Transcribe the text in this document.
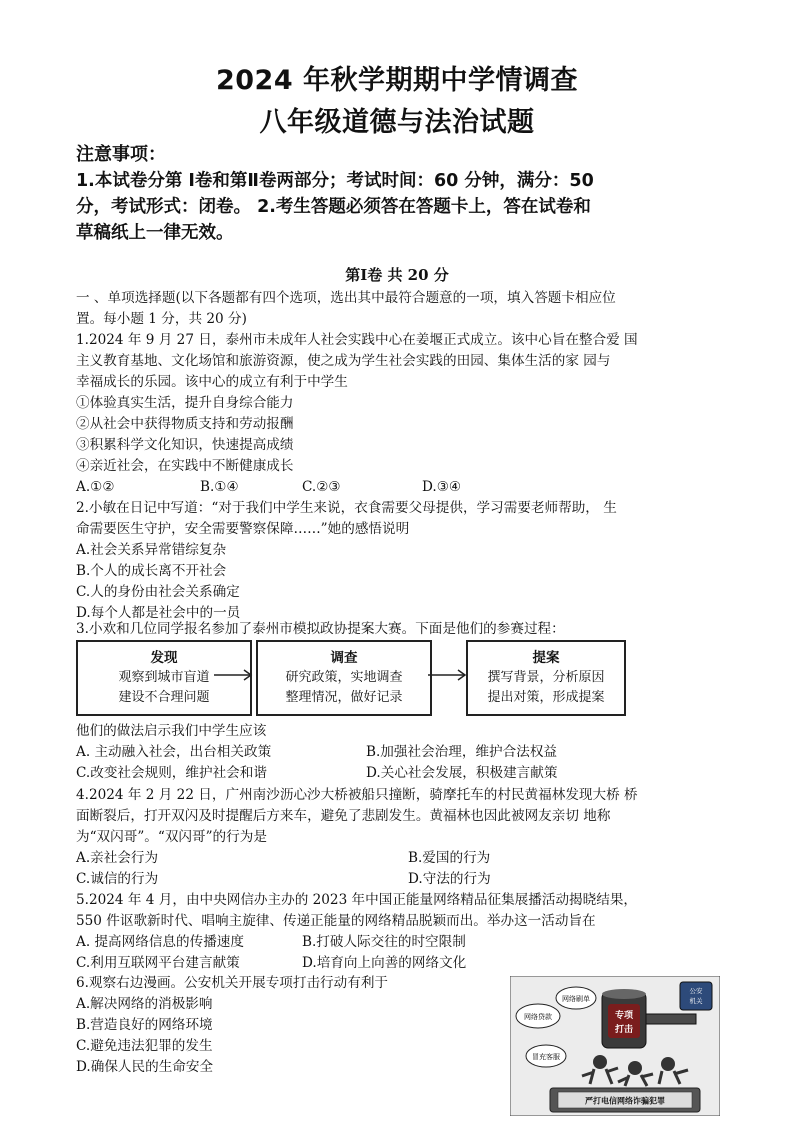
2024 年秋学期期中学情调查
八年级道德与法治试题
注意事项：
1.本试卷分第 Ⅰ卷和第Ⅱ卷两部分；考试时间：60 分钟，满分：50
分，考试形式：闭卷。 2.考生答题必须答在答题卡上，答在试卷和
草稿纸上一律无效。
第Ⅰ卷 共 20 分
一 、单项选择题(以下各题都有四个选项，选出其中最符合题意的一项，填入答题卡相应位
置。每小题 1 分，共 20 分)
1.2024 年 9 月 27 日，泰州市未成年人社会实践中心在姜堰正式成立。该中心旨在整合爱 国
主义教育基地、文化场馆和旅游资源，使之成为学生社会实践的田园、集体生活的家 园与
幸福成长的乐园。该中心的成立有利于中学生
①体验真实生活，提升自身综合能力
②从社会中获得物质支持和劳动报酬
③积累科学文化知识，快速提高成绩
④亲近社会，在实践中不断健康成长
A.①②	B.①④	C.②③	D.③④
2.小敏在日记中写道：“对于我们中学生来说，衣食需要父母提供，学习需要老师帮助， 生
命需要医生守护，安全需要警察保障……”她的感悟说明
A.社会关系异常错综复杂
B.个人的成长离不开社会
C.人的身份由社会关系确定
D.每个人都是社会中的一员
3.小欢和几位同学报名参加了泰州市模拟政协提案大赛。下面是他们的参赛过程：
发现
观察到城市盲道
建设不合理问题
调查
研究政策，实地调查
整理情况，做好记录
提案
撰写背景，分析原因
提出对策，形成提案
他们的做法启示我们中学生应该
A. 主动融入社会，出台相关政策	B.加强社会治理，维护合法权益
C.改变社会规则，维护社会和谐	D.关心社会发展，积极建言献策
4.2024 年 2 月 22 日，广州南沙沥心沙大桥被船只撞断，骑摩托车的村民黄福林发现大桥 桥
面断裂后，打开双闪及时提醒后方来车，避免了悲剧发生。黄福林也因此被网友亲切 地称
为“双闪哥”。“双闪哥”的行为是
A.亲社会行为	B.爱国的行为
C.诚信的行为	D.守法的行为
5.2024 年 4 月，由中央网信办主办的 2023 年中国正能量网络精品征集展播活动揭晓结果，
550 件讴歌新时代、唱响主旋律、传递正能量的网络精品脱颖而出。举办这一活动旨在
A. 提高网络信息的传播速度	B.打破人际交往的时空限制
C.利用互联网平台建言献策	D.培育向上向善的网络文化
6.观察右边漫画。公安机关开展专项打击行动有利于
A.解决网络的消极影响
B.营造良好的网络环境
C.避免违法犯罪的发生
D.确保人民的生命安全
严打电信网络诈骗犯罪
专项
打击
公安
机关
网络贷款
网络刷单
冒充客服
